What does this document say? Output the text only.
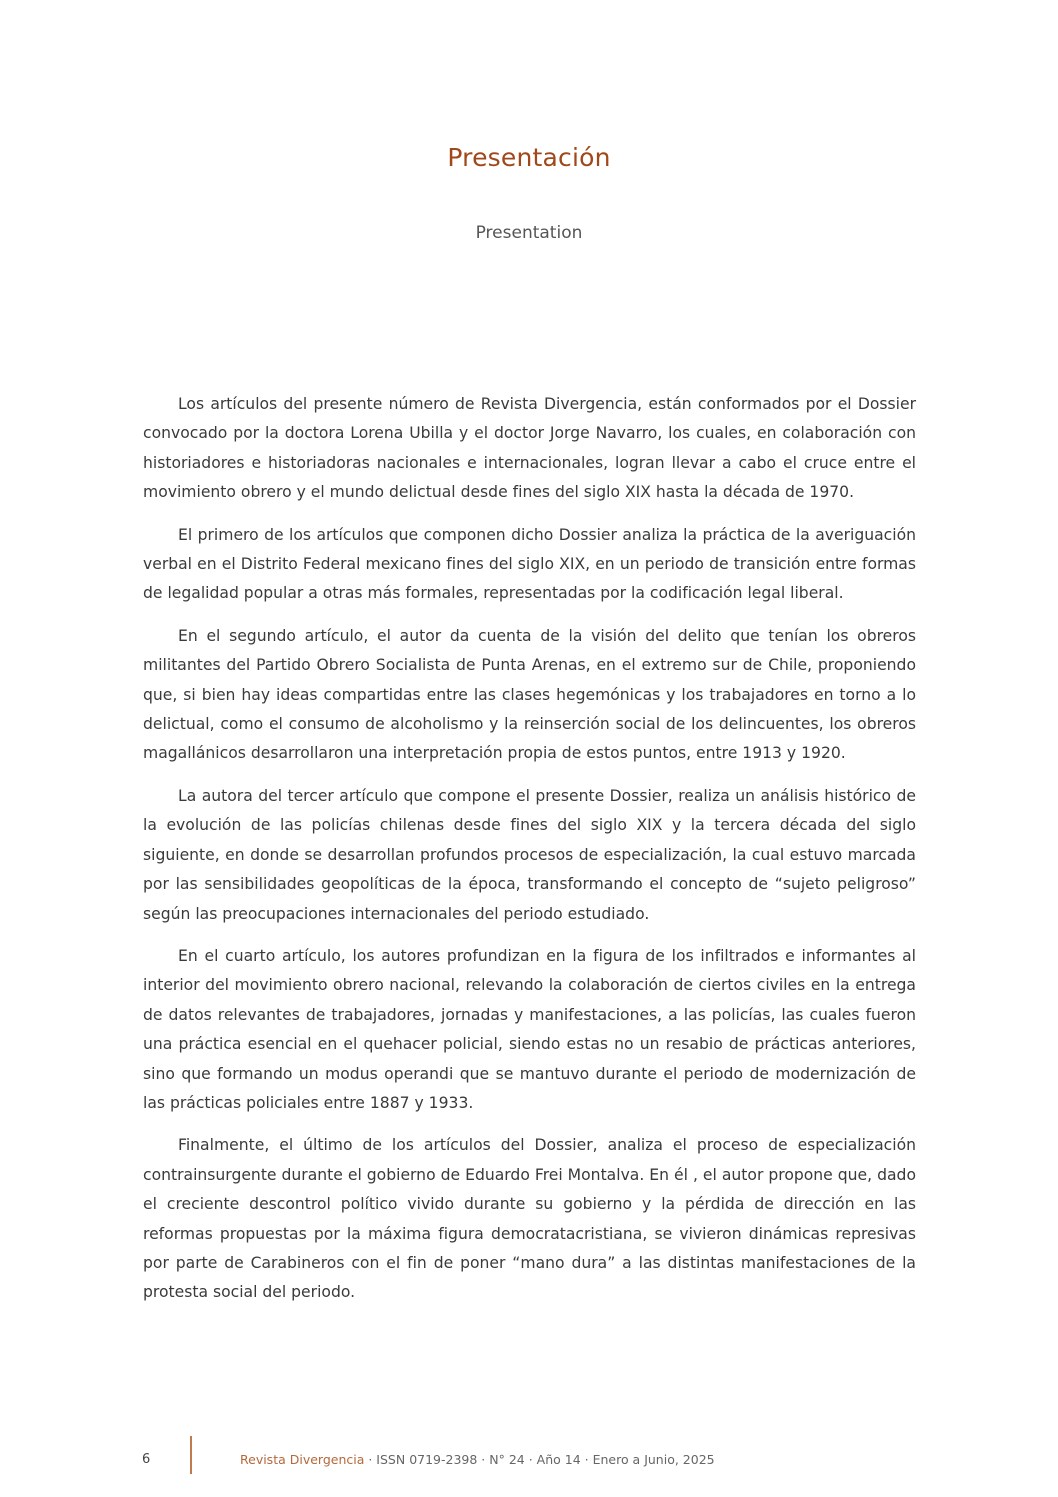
Presentación
Presentation

Los artículos del presente número de Revista Divergencia, están conformados por el Dossier convocado por la doctora Lorena Ubilla y el doctor Jorge Navarro, los cuales, en colaboración con historiadores e historiadoras nacionales e internacionales, logran llevar a cabo el cruce entre el movimiento obrero y el mundo delictual desde fines del siglo XIX hasta la década de 1970.

El primero de los artículos que componen dicho Dossier analiza la práctica de la averiguación verbal en el Distrito Federal mexicano fines del siglo XIX, en un periodo de transición entre formas de legalidad popular a otras más formales, representadas por la codificación legal liberal.

En el segundo artículo, el autor da cuenta de la visión del delito que tenían los obreros militantes del Partido Obrero Socialista de Punta Arenas, en el extremo sur de Chile, proponiendo que, si bien hay ideas compartidas entre las clases hegemónicas y los trabajadores en torno a lo delictual, como el consumo de alcoholismo y la reinserción social de los delincuentes, los obreros magallánicos desarrollaron una interpretación propia de estos puntos, entre 1913 y 1920.

La autora del tercer artículo que compone el presente Dossier, realiza un análisis histórico de la evolución de las policías chilenas desde fines del siglo XIX y la tercera década del siglo siguiente, en donde se desarrollan profundos procesos de especialización, la cual estuvo marcada por las sensibilidades geopolíticas de la época, transformando el concepto de “sujeto peligroso” según las preocupaciones internacionales del periodo estudiado.

En el cuarto artículo, los autores profundizan en la figura de los infiltrados e informantes al interior del movimiento obrero nacional, relevando la colaboración de ciertos civiles en la entrega de datos relevantes de trabajadores, jornadas y manifestaciones, a las policías, las cuales fueron una práctica esencial en el quehacer policial, siendo estas no un resabio de prácticas anteriores, sino que formando un modus operandi que se mantuvo durante el periodo de modernización de las prácticas policiales entre 1887 y 1933.

Finalmente, el último de los artículos del Dossier, analiza el proceso de especialización contrainsurgente durante el gobierno de Eduardo Frei Montalva. En él , el autor propone que, dado el creciente descontrol político vivido durante su gobierno y la pérdida de dirección en las reformas propuestas por la máxima figura democratacristiana, se vivieron dinámicas represivas por parte de Carabineros con el fin de poner “mano dura” a las distintas manifestaciones de la protesta social del periodo.

6	Revista Divergencia · ISSN 0719-2398 · N° 24 · Año 14 · Enero a Junio, 2025
